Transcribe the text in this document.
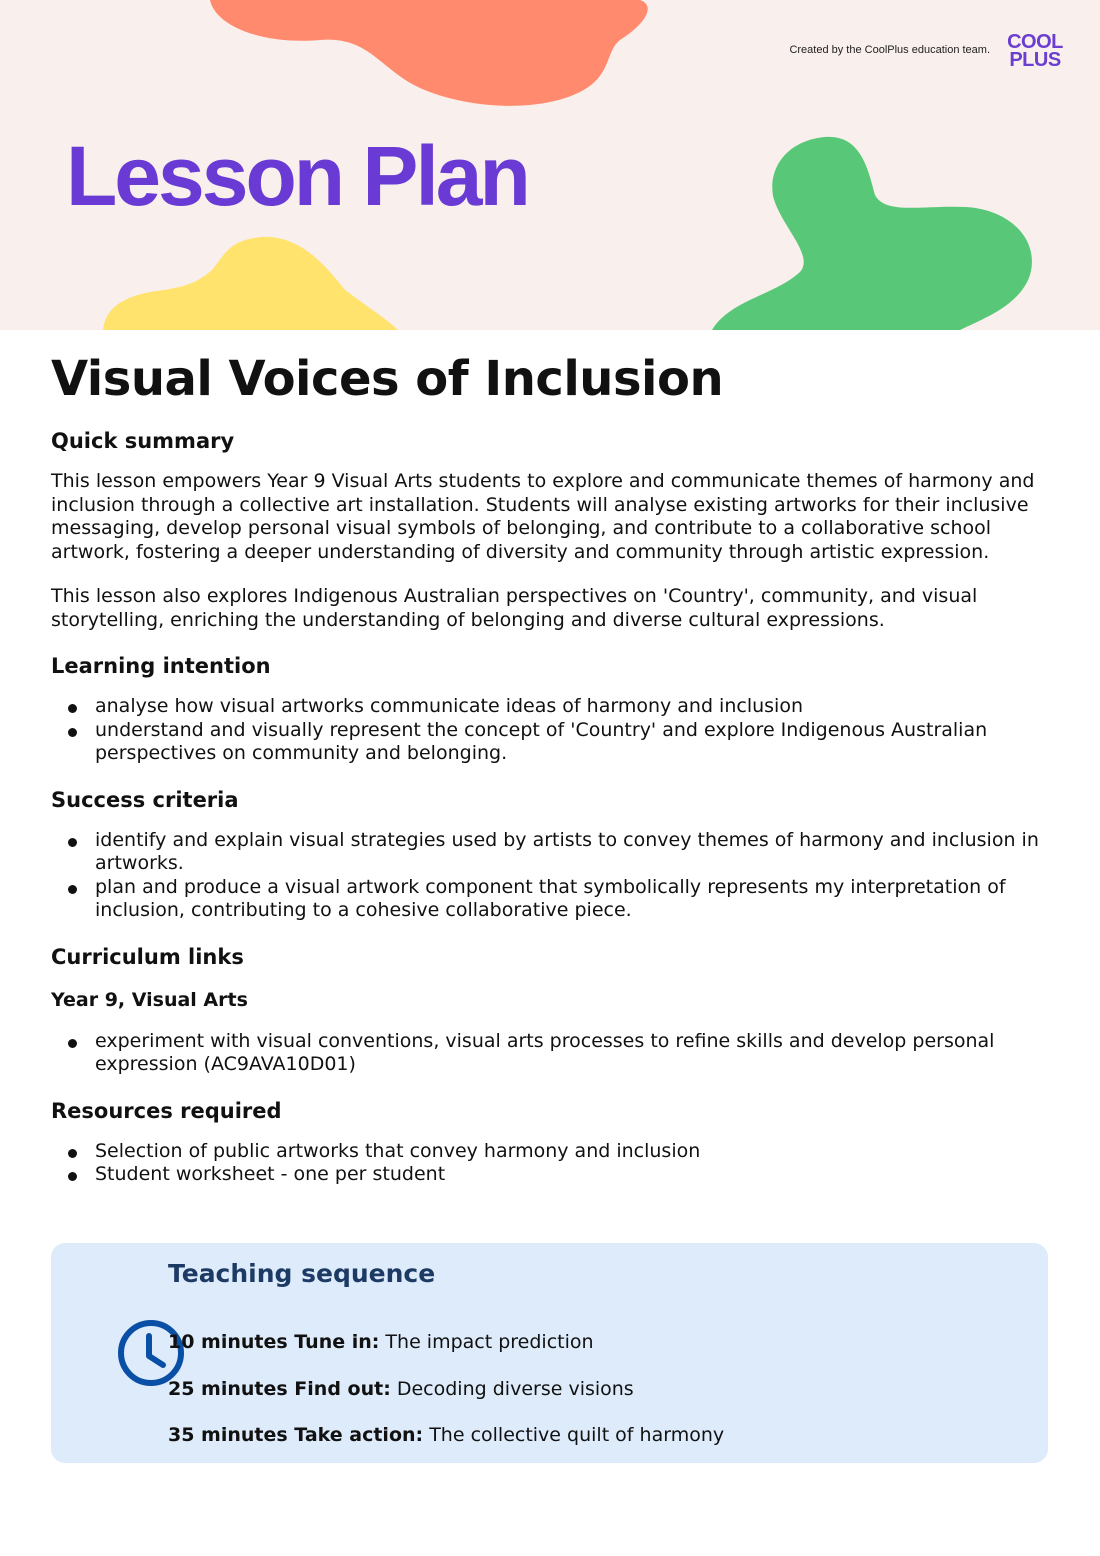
Created by the CoolPlus education team. COOL
PLUS
Lesson Plan
Visual Voices of Inclusion
Quick summary

This lesson empowers Year 9 Visual Arts students to explore and communicate themes of harmony and inclusion through a collective art installation. Students will analyse existing artworks for their inclusive messaging, develop personal visual symbols of belonging, and contribute to a collaborative school artwork, fostering a deeper understanding of diversity and community through artistic expression.

This lesson also explores Indigenous Australian perspectives on 'Country', community, and visual storytelling, enriching the understanding of belonging and diverse cultural expressions.

Learning intention
analyse how visual artworks communicate ideas of harmony and inclusion
understand and visually represent the concept of 'Country' and explore Indigenous Australian perspectives on community and belonging.
Success criteria
identify and explain visual strategies used by artists to convey themes of harmony and inclusion in artworks.
plan and produce a visual artwork component that symbolically represents my interpretation of inclusion, contributing to a cohesive collaborative piece.
Curriculum links
Year 9, Visual Arts
experiment with visual conventions, visual arts processes to refine skills and develop personal expression (AC9AVA10D01)
Resources required
Selection of public artworks that convey harmony and inclusion
Student worksheet - one per student
Teaching sequence
10 minutes Tune in: The impact prediction
25 minutes Find out: Decoding diverse visions
35 minutes Take action: The collective quilt of harmony
